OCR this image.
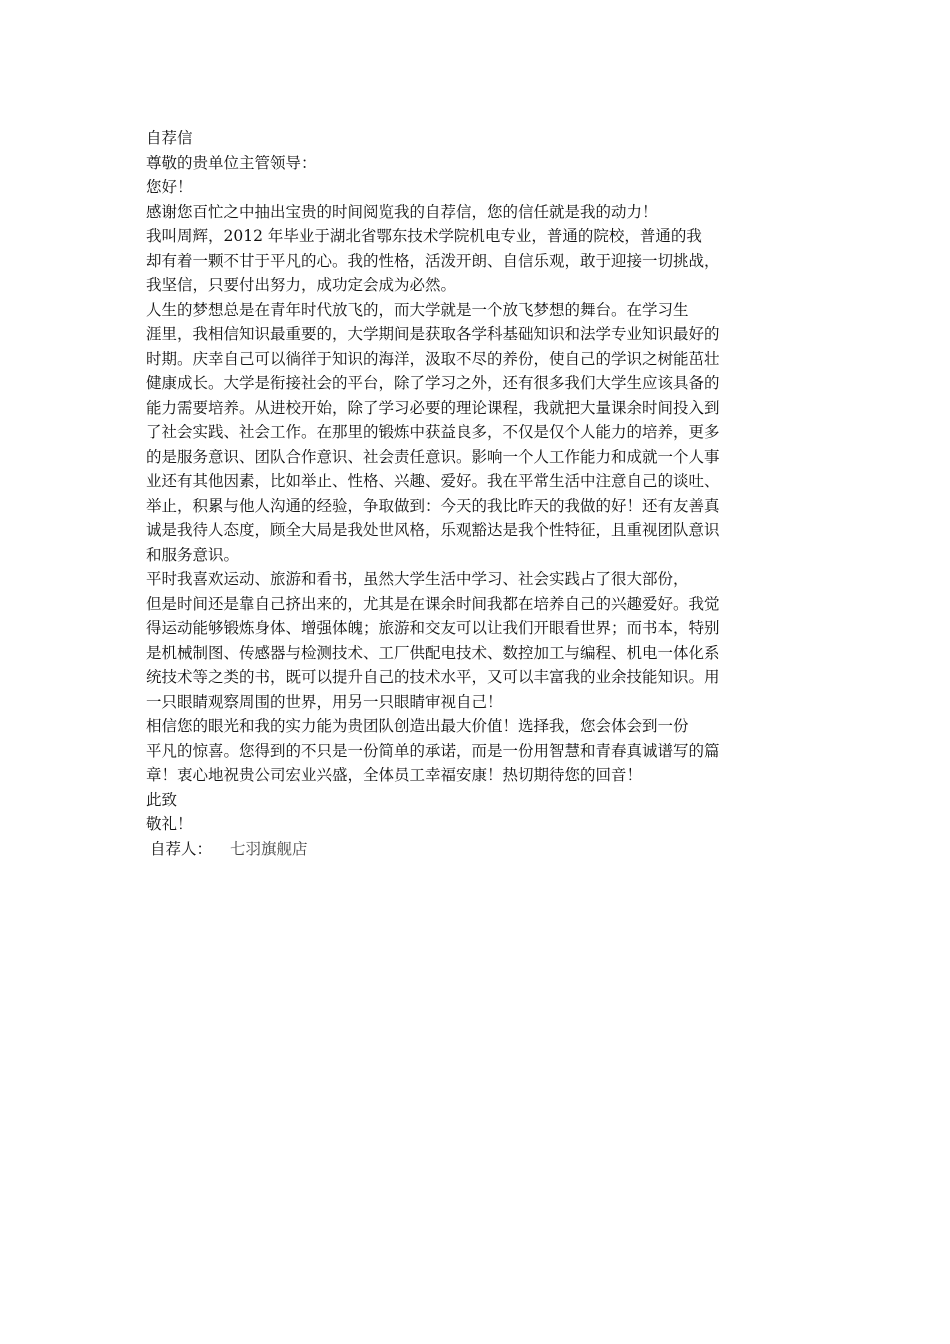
自荐信
尊敬的贵单位主管领导：
您好！
感谢您百忙之中抽出宝贵的时间阅览我的自荐信，您的信任就是我的动力！
我叫周辉，2012 年毕业于湖北省鄂东技术学院机电专业，普通的院校，普通的我
却有着一颗不甘于平凡的心。我的性格，活泼开朗、自信乐观，敢于迎接一切挑战，
我坚信，只要付出努力，成功定会成为必然。
人生的梦想总是在青年时代放飞的，而大学就是一个放飞梦想的舞台。在学习生
涯里，我相信知识最重要的，大学期间是获取各学科基础知识和法学专业知识最好的
时期。庆幸自己可以徜徉于知识的海洋，汲取不尽的养份，使自己的学识之树能茁壮
健康成长。大学是衔接社会的平台，除了学习之外，还有很多我们大学生应该具备的
能力需要培养。从进校开始，除了学习必要的理论课程，我就把大量课余时间投入到
了社会实践、社会工作。在那里的锻炼中获益良多，不仅是仅个人能力的培养，更多
的是服务意识、团队合作意识、社会责任意识。影响一个人工作能力和成就一个人事
业还有其他因素，比如举止、性格、兴趣、爱好。我在平常生活中注意自己的谈吐、
举止，积累与他人沟通的经验，争取做到：今天的我比昨天的我做的好！还有友善真
诚是我待人态度，顾全大局是我处世风格，乐观豁达是我个性特征，且重视团队意识
和服务意识。
平时我喜欢运动、旅游和看书，虽然大学生活中学习、社会实践占了很大部份，
但是时间还是靠自己挤出来的，尤其是在课余时间我都在培养自己的兴趣爱好。我觉
得运动能够锻炼身体、增强体魄；旅游和交友可以让我们开眼看世界；而书本，特别
是机械制图、传感器与检测技术、工厂供配电技术、数控加工与编程、机电一体化系
统技术等之类的书，既可以提升自己的技术水平，又可以丰富我的业余技能知识。用
一只眼睛观察周围的世界，用另一只眼睛审视自己！
相信您的眼光和我的实力能为贵团队创造出最大价值！选择我，您会体会到一份
平凡的惊喜。您得到的不只是一份简单的承诺，而是一份用智慧和青春真诚谱写的篇
章！衷心地祝贵公司宏业兴盛，全体员工幸福安康！热切期待您的回音！
此致
敬礼！
自荐人： 七羽旗舰店
